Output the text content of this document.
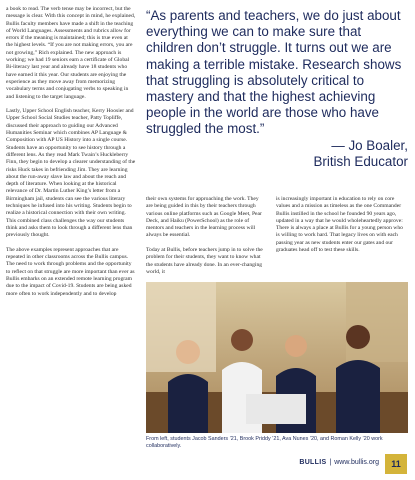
a book to read. The verb tense may be incorrect, but the message is clear. With this concept in mind, he explained, Bullis faculty members have made a shift in the teaching of World Languages. Assessments and rubrics allow for errors if the meaning is maintained; this is true even at the highest levels. “If you are not making errors, you are not growing,” Rich explained. The new approach is working; we had 19 seniors earn a certificate of Global Bi-literacy last year and already have 18 students who have earned it this year. Our students are enjoying the experience as they move away from memorizing vocabulary terms and conjugating verbs to speaking in and listening to the target language.

Lastly, Upper School English teacher, Kerry Hoosier and Upper School Social Studies teacher, Patty Topliffe, discussed their approach to guiding our Advanced Humanities Seminar which combines AP Language & Composition with AP US History into a single course. Students have an opportunity to see history through a different lens. As they read Mark Twain’s Huckleberry Finn, they begin to develop a clearer understanding of the risks Huck takes in befriending Jim. They are learning about the run-away slave law and about the reach and depth of literature. When looking at the historical relevance of Dr. Martin Luther King’s letter from a Birmingham jail, students can see the various literary techniques he infused into his writing. Students begin to realize a historical connection with their own writing. This combined class challenges the way our students think and asks them to look through a different lens than previously thought.

The above examples represent approaches that are repeated in other classrooms across the Bullis campus. The need to work through problems and the opportunity to reflect on that struggle are more important than ever as Bullis embarks on an extended remote learning program due to the impact of Covid-19. Students are being asked more often to work independently and to develop

“As parents and teachers, we do just about everything we can to make sure that children don’t struggle. It turns out we are making a terrible mistake. Research shows that struggling is absolutely critical to mastery and that the highest achieving people in the world are those who have struggled the most.”
— Jo Boaler,
British Educator

their own systems for approaching the work. They are being guided in this by their teachers through various online platforms such as Google Meet, Pear Deck, and Haiku (PowerSchool) as the role of mentors and teachers in the learning process will always be essential.

Today at Bullis, before teachers jump in to solve the problem for their students, they want to know what the students have already done. In an ever-changing world, it

is increasingly important in education to rely on core values and a mission as timeless as the one Commander Bullis instilled in the school he founded 90 years ago, updated in a way that he would wholeheartedly approve: There is always a place at Bullis for a young person who is willing to work hard. That legacy lives on with each passing year as new students enter our gates and our graduates head off to test these skills.

From left, students Jacob Sanders ’21, Brook Priddy ’21, Ava Nunes ’20, and Roman Kelly ’20 work collaboratively.
BULLIS | www.bullis.org	11
